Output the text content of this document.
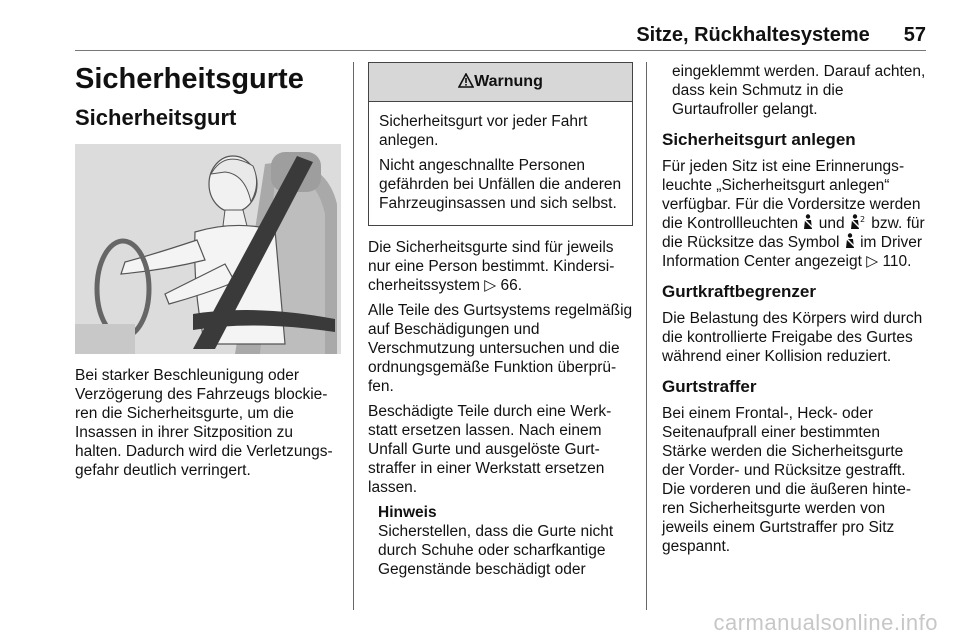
Sitze, Rückhaltesysteme 57
Sicherheitsgurte
Sicherheitsgurt

Bei starker Beschleunigung oder Verzögerung des Fahrzeugs blockieren die Sicherheitsgurte, um die Insassen in ihrer Sitzposition zu halten. Dadurch wird die Verletzungsgefahr deutlich verringert.

Warnung

Sicherheitsgurt vor jeder Fahrt anlegen.

Nicht angeschnallte Personen gefährden bei Unfällen die anderen Fahrzeuginsassen und sich selbst.

Die Sicherheitsgurte sind für jeweils nur eine Person bestimmt. Kindersicherheitssystem ▷ 66.

Alle Teile des Gurtsystems regelmäßig auf Beschädigungen und Verschmutzung untersuchen und die ordnungsgemäße Funktion überprüfen.

Beschädigte Teile durch eine Werkstatt ersetzen lassen. Nach einem Unfall Gurte und ausgelöste Gurtstraffer in einer Werkstatt ersetzen lassen.

Hinweis
Sicherstellen, dass die Gurte nicht durch Schuhe oder scharfkantige Gegenstände beschädigt oder
eingeklemmt werden. Darauf achten, dass kein Schmutz in die Gurtaufroller gelangt.
Sicherheitsgurt anlegen

Für jeden Sitz ist eine Erinnerungsleuchte „Sicherheitsgurt anlegen“ verfügbar. Für die Vordersitze werden die Kontrollleuchten  und 2 bzw. für die Rücksitze das Symbol  im Driver Information Center angezeigt ▷ 110.

Gurtkraftbegrenzer

Die Belastung des Körpers wird durch die kontrollierte Freigabe des Gurtes während einer Kollision reduziert.

Gurtstraffer

Bei einem Frontal-, Heck- oder Seitenaufprall einer bestimmten Stärke werden die Sicherheitsgurte der Vorder- und Rücksitze gestrafft. Die vorderen und die äußeren hinteren Sicherheitsgurte werden von jeweils einem Gurtstraffer pro Sitz gespannt.

carmanualsonline.info
